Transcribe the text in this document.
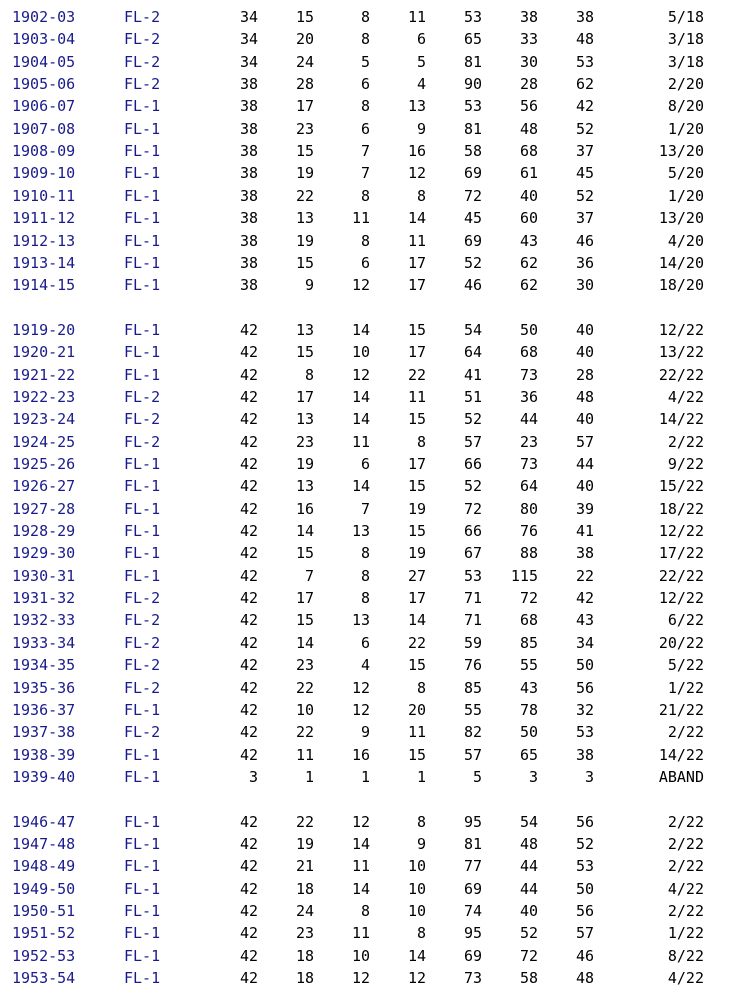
1902-03	FL-2	34	15	8	11	53	38	38	5/18
1903-04	FL-2	34	20	8	6	65	33	48	3/18
1904-05	FL-2	34	24	5	5	81	30	53	3/18
1905-06	FL-2	38	28	6	4	90	28	62	2/20
1906-07	FL-1	38	17	8	13	53	56	42	8/20
1907-08	FL-1	38	23	6	9	81	48	52	1/20
1908-09	FL-1	38	15	7	16	58	68	37	13/20
1909-10	FL-1	38	19	7	12	69	61	45	5/20
1910-11	FL-1	38	22	8	8	72	40	52	1/20
1911-12	FL-1	38	13	11	14	45	60	37	13/20
1912-13	FL-1	38	19	8	11	69	43	46	4/20
1913-14	FL-1	38	15	6	17	52	62	36	14/20
1914-15	FL-1	38	9	12	17	46	62	30	18/20
1919-20	FL-1	42	13	14	15	54	50	40	12/22
1920-21	FL-1	42	15	10	17	64	68	40	13/22
1921-22	FL-1	42	8	12	22	41	73	28	22/22
1922-23	FL-2	42	17	14	11	51	36	48	4/22
1923-24	FL-2	42	13	14	15	52	44	40	14/22
1924-25	FL-2	42	23	11	8	57	23	57	2/22
1925-26	FL-1	42	19	6	17	66	73	44	9/22
1926-27	FL-1	42	13	14	15	52	64	40	15/22
1927-28	FL-1	42	16	7	19	72	80	39	18/22
1928-29	FL-1	42	14	13	15	66	76	41	12/22
1929-30	FL-1	42	15	8	19	67	88	38	17/22
1930-31	FL-1	42	7	8	27	53	115	22	22/22
1931-32	FL-2	42	17	8	17	71	72	42	12/22
1932-33	FL-2	42	15	13	14	71	68	43	6/22
1933-34	FL-2	42	14	6	22	59	85	34	20/22
1934-35	FL-2	42	23	4	15	76	55	50	5/22
1935-36	FL-2	42	22	12	8	85	43	56	1/22
1936-37	FL-1	42	10	12	20	55	78	32	21/22
1937-38	FL-2	42	22	9	11	82	50	53	2/22
1938-39	FL-1	42	11	16	15	57	65	38	14/22
1939-40	FL-1	3	1	1	1	5	3	3	ABAND
1946-47	FL-1	42	22	12	8	95	54	56	2/22
1947-48	FL-1	42	19	14	9	81	48	52	2/22
1948-49	FL-1	42	21	11	10	77	44	53	2/22
1949-50	FL-1	42	18	14	10	69	44	50	4/22
1950-51	FL-1	42	24	8	10	74	40	56	2/22
1951-52	FL-1	42	23	11	8	95	52	57	1/22
1952-53	FL-1	42	18	10	14	69	72	46	8/22
1953-54	FL-1	42	18	12	12	73	58	48	4/22
